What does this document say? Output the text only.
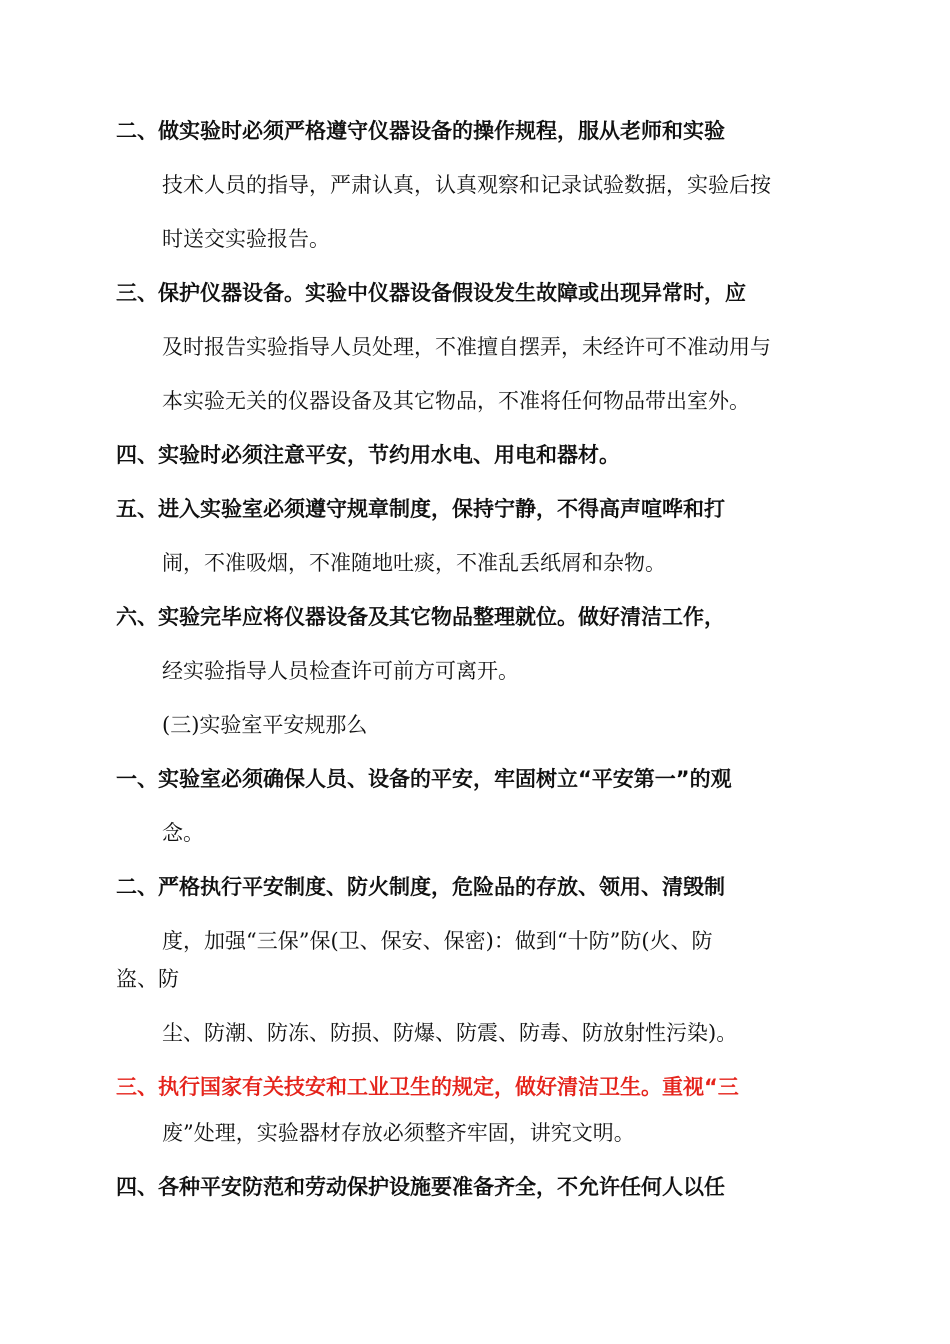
二、做实验时必须严格遵守仪器设备的操作规程，服从老师和实验
技术人员的指导，严肃认真，认真观察和记录试验数据，实验后按
时送交实验报告。
三、保护仪器设备。实验中仪器设备假设发生故障或出现异常时，应
及时报告实验指导人员处理，不准擅自摆弄，未经许可不准动用与
本实验无关的仪器设备及其它物品，不准将任何物品带出室外。
四、实验时必须注意平安，节约用水电、用电和器材。
五、进入实验室必须遵守规章制度，保持宁静，不得高声喧哗和打
闹，不准吸烟，不准随地吐痰，不准乱丢纸屑和杂物。
六、实验完毕应将仪器设备及其它物品整理就位。做好清洁工作，
经实验指导人员检查许可前方可离开。
(三)实验室平安规那么
一、实验室必须确保人员、设备的平安，牢固树立“平安第一”的观
念。
二、严格执行平安制度、防火制度，危险品的存放、领用、清毁制
度，加强“三保”保(卫、保安、保密)：做到“十防”防(火、防
盗、防
尘、防潮、防冻、防损、防爆、防震、防毒、防放射性污染)。
三、执行国家有关技安和工业卫生的规定，做好清洁卫生。重视“三
废”处理，实验器材存放必须整齐牢固，讲究文明。
四、各种平安防范和劳动保护设施要准备齐全，不允许任何人以任
